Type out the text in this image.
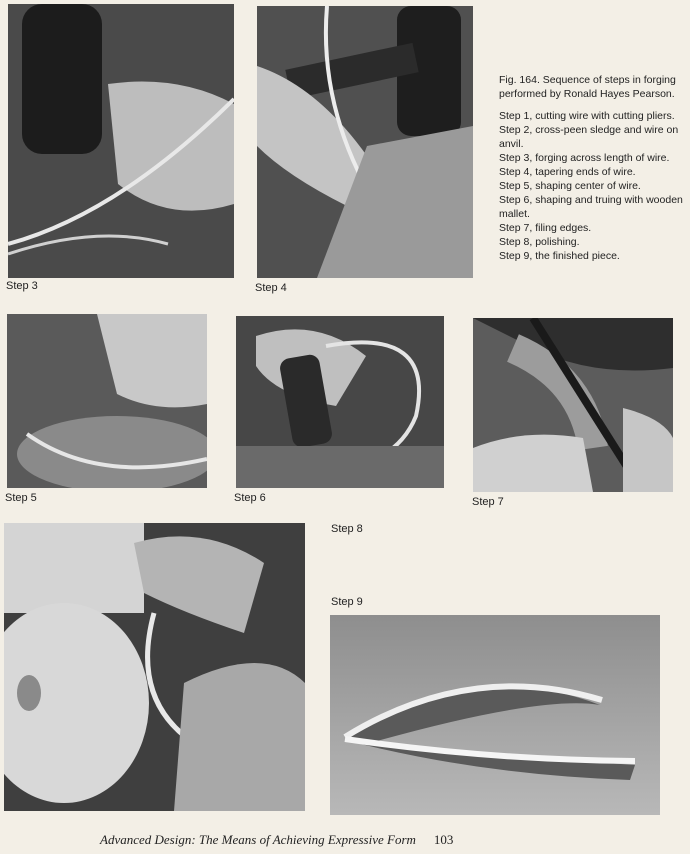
Step 3	Step 4

Fig. 164. Sequence of steps in forging performed by Ronald Hayes Pearson.

Step 1, cutting wire with cutting pliers.

Step 2, cross-peen sledge and wire on anvil.

Step 3, forging across length of wire.

Step 4, tapering ends of wire.

Step 5, shaping center of wire.

Step 6, shaping and truing with wooden mallet.

Step 7, filing edges.

Step 8, polishing.

Step 9, the finished piece.

Step 5	Step 6	Step 7
Step 8
Step 9
Advanced Design: The Means of Achieving Expressive Form 103
